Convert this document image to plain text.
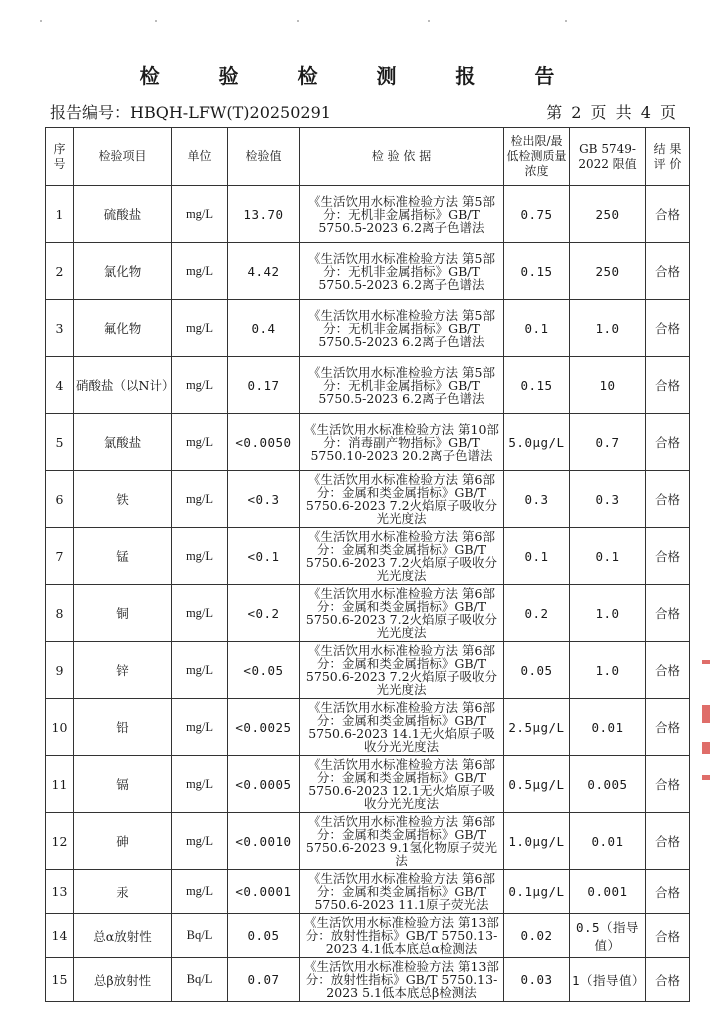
检 验 检 测 报 告
报告编号：HBQH-LFW(T)20250291	第 2 页 共 4 页
序号	检验项目	单位	检验值	检 验 依 据	检出限/最低检测质量浓度	GB 5749-2022 限值	结 果 评 价
1	硫酸盐	mg/L	13.70	《生活饮用水标准检验方法 第5部分：无机非金属指标》GB/T 5750.5-2023 6.2离子色谱法	0.75	250	合格
2	氯化物	mg/L	4.42	《生活饮用水标准检验方法 第5部分：无机非金属指标》GB/T 5750.5-2023 6.2离子色谱法	0.15	250	合格
3	氟化物	mg/L	0.4	《生活饮用水标准检验方法 第5部分：无机非金属指标》GB/T 5750.5-2023 6.2离子色谱法	0.1	1.0	合格
4	硝酸盐（以N计）	mg/L	0.17	《生活饮用水标准检验方法 第5部分：无机非金属指标》GB/T 5750.5-2023 6.2离子色谱法	0.15	10	合格
5	氯酸盐	mg/L	<0.0050	《生活饮用水标准检验方法 第10部分：消毒副产物指标》GB/T 5750.10-2023 20.2离子色谱法	5.0μg/L	0.7	合格
6	铁	mg/L	<0.3	《生活饮用水标准检验方法 第6部分：金属和类金属指标》GB/T 5750.6-2023 7.2火焰原子吸收分光光度法	0.3	0.3	合格
7	锰	mg/L	<0.1	《生活饮用水标准检验方法 第6部分：金属和类金属指标》GB/T 5750.6-2023 7.2火焰原子吸收分光光度法	0.1	0.1	合格
8	铜	mg/L	<0.2	《生活饮用水标准检验方法 第6部分：金属和类金属指标》GB/T 5750.6-2023 7.2火焰原子吸收分光光度法	0.2	1.0	合格
9	锌	mg/L	<0.05	《生活饮用水标准检验方法 第6部分：金属和类金属指标》GB/T 5750.6-2023 7.2火焰原子吸收分光光度法	0.05	1.0	合格
10	铅	mg/L	<0.0025	《生活饮用水标准检验方法 第6部分：金属和类金属指标》GB/T 5750.6-2023 14.1无火焰原子吸收分光光度法	2.5μg/L	0.01	合格
11	镉	mg/L	<0.0005	《生活饮用水标准检验方法 第6部分：金属和类金属指标》GB/T 5750.6-2023 12.1无火焰原子吸收分光光度法	0.5μg/L	0.005	合格
12	砷	mg/L	<0.0010	《生活饮用水标准检验方法 第6部分：金属和类金属指标》GB/T 5750.6-2023 9.1氢化物原子荧光法	1.0μg/L	0.01	合格
13	汞	mg/L	<0.0001	《生活饮用水标准检验方法 第6部分：金属和类金属指标》GB/T 5750.6-2023 11.1原子荧光法	0.1μg/L	0.001	合格
14	总α放射性	Bq/L	0.05	《生活饮用水标准检验方法 第13部分：放射性指标》GB/T 5750.13-2023 4.1低本底总α检测法	0.02	0.5（指导值）	合格
15	总β放射性	Bq/L	0.07	《生活饮用水标准检验方法 第13部分：放射性指标》GB/T 5750.13-2023 5.1低本底总β检测法	0.03	1（指导值）	合格
